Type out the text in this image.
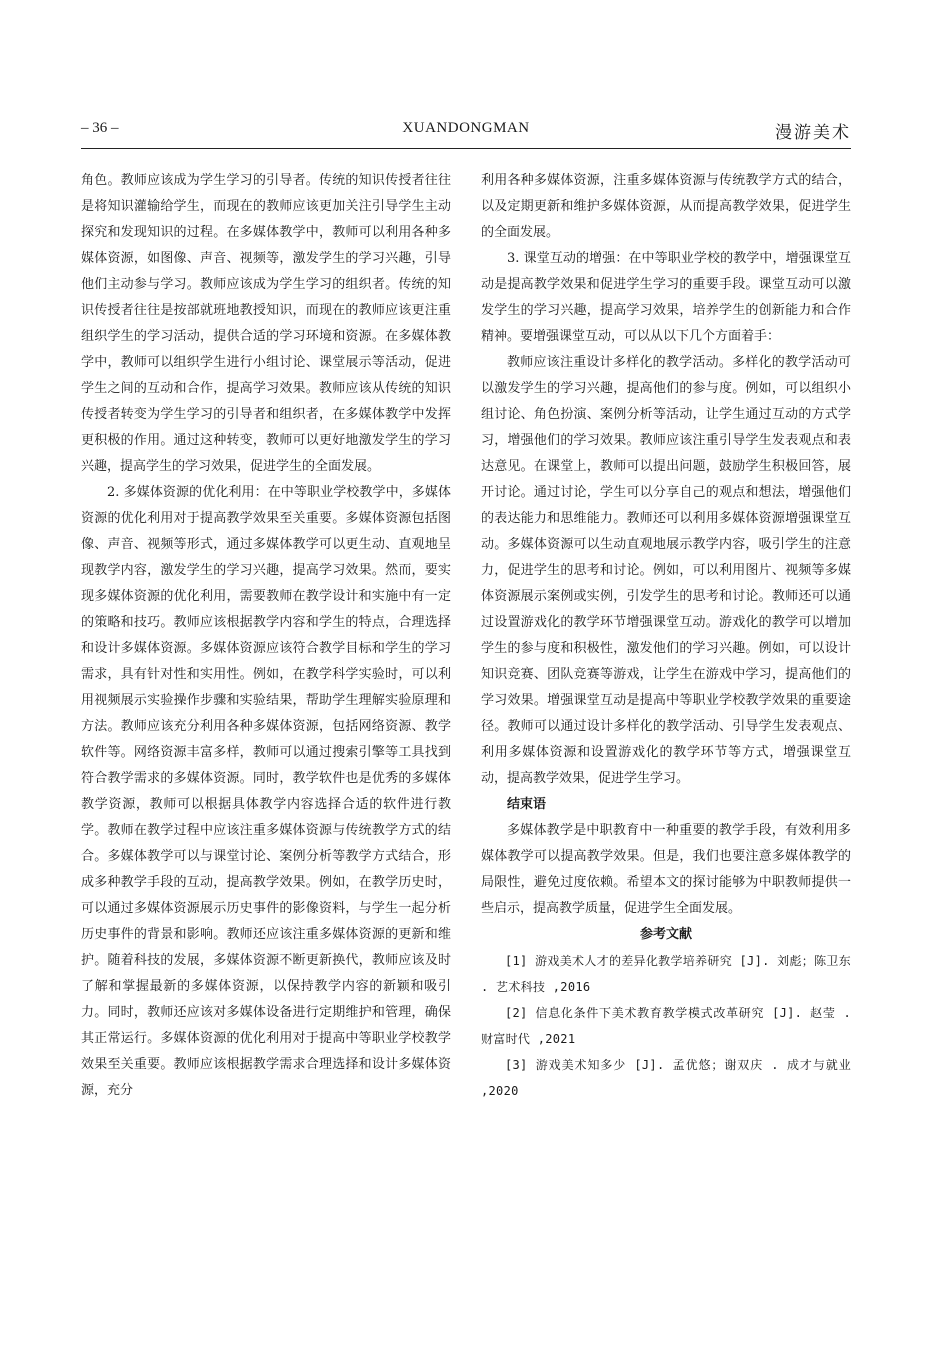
– 36 –	XUANDONGMAN	漫游美术

角色。教师应该成为学生学习的引导者。传统的知识传授者往往是将知识灌输给学生，而现在的教师应该更加关注引导学生主动探究和发现知识的过程。在多媒体教学中，教师可以利用各种多媒体资源，如图像、声音、视频等，激发学生的学习兴趣，引导他们主动参与学习。教师应该成为学生学习的组织者。传统的知识传授者往往是按部就班地教授知识，而现在的教师应该更注重组织学生的学习活动，提供合适的学习环境和资源。在多媒体教学中，教师可以组织学生进行小组讨论、课堂展示等活动，促进学生之间的互动和合作，提高学习效果。教师应该从传统的知识传授者转变为学生学习的引导者和组织者，在多媒体教学中发挥更积极的作用。通过这种转变，教师可以更好地激发学生的学习兴趣，提高学生的学习效果，促进学生的全面发展。

2. 多媒体资源的优化利用：在中等职业学校教学中，多媒体资源的优化利用对于提高教学效果至关重要。多媒体资源包括图像、声音、视频等形式，通过多媒体教学可以更生动、直观地呈现教学内容，激发学生的学习兴趣，提高学习效果。然而，要实现多媒体资源的优化利用，需要教师在教学设计和实施中有一定的策略和技巧。教师应该根据教学内容和学生的特点，合理选择和设计多媒体资源。多媒体资源应该符合教学目标和学生的学习需求，具有针对性和实用性。例如，在教学科学实验时，可以利用视频展示实验操作步骤和实验结果，帮助学生理解实验原理和方法。教师应该充分利用各种多媒体资源，包括网络资源、教学软件等。网络资源丰富多样，教师可以通过搜索引擎等工具找到符合教学需求的多媒体资源。同时，教学软件也是优秀的多媒体教学资源，教师可以根据具体教学内容选择合适的软件进行教学。教师在教学过程中应该注重多媒体资源与传统教学方式的结合。多媒体教学可以与课堂讨论、案例分析等教学方式结合，形成多种教学手段的互动，提高教学效果。例如，在教学历史时，可以通过多媒体资源展示历史事件的影像资料，与学生一起分析历史事件的背景和影响。教师还应该注重多媒体资源的更新和维护。随着科技的发展，多媒体资源不断更新换代，教师应该及时了解和掌握最新的多媒体资源，以保持教学内容的新颖和吸引力。同时，教师还应该对多媒体设备进行定期维护和管理，确保其正常运行。多媒体资源的优化利用对于提高中等职业学校教学效果至关重要。教师应该根据教学需求合理选择和设计多媒体资源，充分

利用各种多媒体资源，注重多媒体资源与传统教学方式的结合，以及定期更新和维护多媒体资源，从而提高教学效果，促进学生的全面发展。

3. 课堂互动的增强：在中等职业学校的教学中，增强课堂互动是提高教学效果和促进学生学习的重要手段。课堂互动可以激发学生的学习兴趣，提高学习效果，培养学生的创新能力和合作精神。要增强课堂互动，可以从以下几个方面着手：

教师应该注重设计多样化的教学活动。多样化的教学活动可以激发学生的学习兴趣，提高他们的参与度。例如，可以组织小组讨论、角色扮演、案例分析等活动，让学生通过互动的方式学习，增强他们的学习效果。教师应该注重引导学生发表观点和表达意见。在课堂上，教师可以提出问题，鼓励学生积极回答，展开讨论。通过讨论，学生可以分享自己的观点和想法，增强他们的表达能力和思维能力。教师还可以利用多媒体资源增强课堂互动。多媒体资源可以生动直观地展示教学内容，吸引学生的注意力，促进学生的思考和讨论。例如，可以利用图片、视频等多媒体资源展示案例或实例，引发学生的思考和讨论。教师还可以通过设置游戏化的教学环节增强课堂互动。游戏化的教学可以增加学生的参与度和积极性，激发他们的学习兴趣。例如，可以设计知识竞赛、团队竞赛等游戏，让学生在游戏中学习，提高他们的学习效果。增强课堂互动是提高中等职业学校教学效果的重要途径。教师可以通过设计多样化的教学活动、引导学生发表观点、利用多媒体资源和设置游戏化的教学环节等方式，增强课堂互动，提高教学效果，促进学生学习。

结束语

多媒体教学是中职教育中一种重要的教学手段，有效利用多媒体教学可以提高教学效果。但是，我们也要注意多媒体教学的局限性，避免过度依赖。希望本文的探讨能够为中职教师提供一些启示，提高教学质量，促进学生全面发展。

参考文献

[1] 游戏美术人才的差异化教学培养研究 [J]. 刘彪；陈卫东 . 艺术科技 ,2016

[2] 信息化条件下美术教育教学模式改革研究 [J]. 赵莹 . 财富时代 ,2021

[3] 游戏美术知多少 [J]. 孟优悠；谢双庆 . 成才与就业 ,2020
